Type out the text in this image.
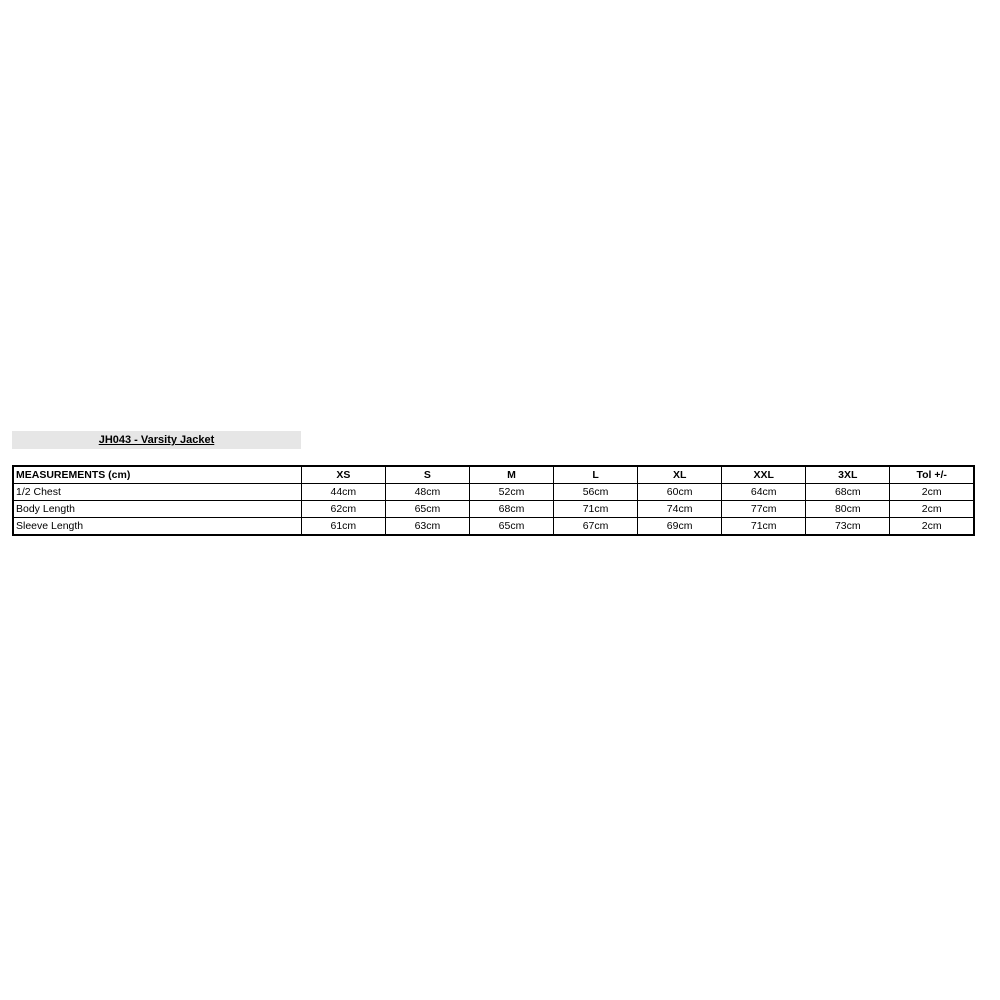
JH043 - Varsity Jacket
MEASUREMENTS (cm)	XS	S	M	L	XL	XXL	3XL	Tol +/-
1/2 Chest	44cm	48cm	52cm	56cm	60cm	64cm	68cm	2cm
Body Length	62cm	65cm	68cm	71cm	74cm	77cm	80cm	2cm
Sleeve Length	61cm	63cm	65cm	67cm	69cm	71cm	73cm	2cm
